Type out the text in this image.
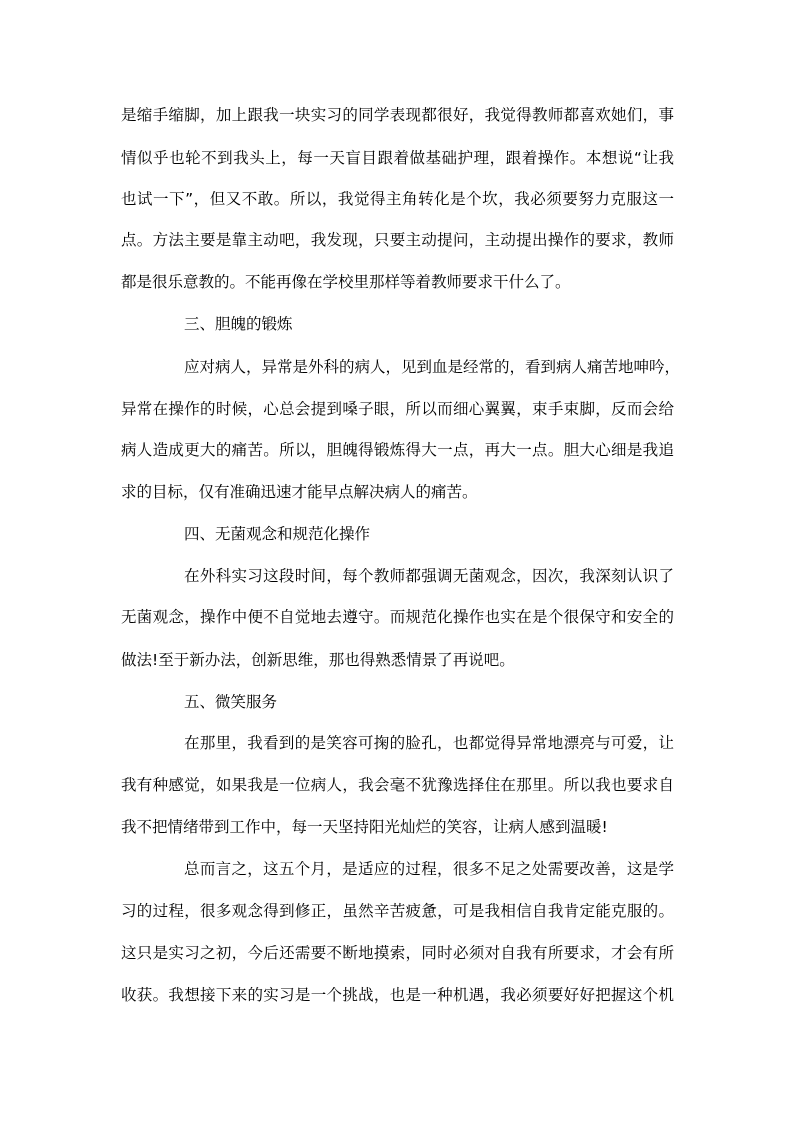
是缩手缩脚，加上跟我一块实习的同学表现都很好，我觉得教师都喜欢她们，事
情似乎也轮不到我头上，每一天盲目跟着做基础护理，跟着操作。本想说“让我
也试一下”，但又不敢。所以，我觉得主角转化是个坎，我必须要努力克服这一
点。方法主要是靠主动吧，我发现，只要主动提问，主动提出操作的要求，教师
都是很乐意教的。不能再像在学校里那样等着教师要求干什么了。
三、胆魄的锻炼
应对病人，异常是外科的病人，见到血是经常的，看到病人痛苦地呻吟，
异常在操作的时候，心总会提到嗓子眼，所以而细心翼翼，束手束脚，反而会给
病人造成更大的痛苦。所以，胆魄得锻炼得大一点，再大一点。胆大心细是我追
求的目标，仅有准确迅速才能早点解决病人的痛苦。
四、无菌观念和规范化操作
在外科实习这段时间，每个教师都强调无菌观念，因次，我深刻认识了
无菌观念，操作中便不自觉地去遵守。而规范化操作也实在是个很保守和安全的
做法!至于新办法，创新思维，那也得熟悉情景了再说吧。
五、微笑服务
在那里，我看到的是笑容可掬的脸孔，也都觉得异常地漂亮与可爱，让
我有种感觉，如果我是一位病人，我会毫不犹豫选择住在那里。所以我也要求自
我不把情绪带到工作中，每一天坚持阳光灿烂的笑容，让病人感到温暖!
总而言之，这五个月，是适应的过程，很多不足之处需要改善，这是学
习的过程，很多观念得到修正，虽然辛苦疲惫，可是我相信自我肯定能克服的。
这只是实习之初，今后还需要不断地摸索，同时必须对自我有所要求，才会有所
收获。我想接下来的实习是一个挑战，也是一种机遇，我必须要好好把握这个机
